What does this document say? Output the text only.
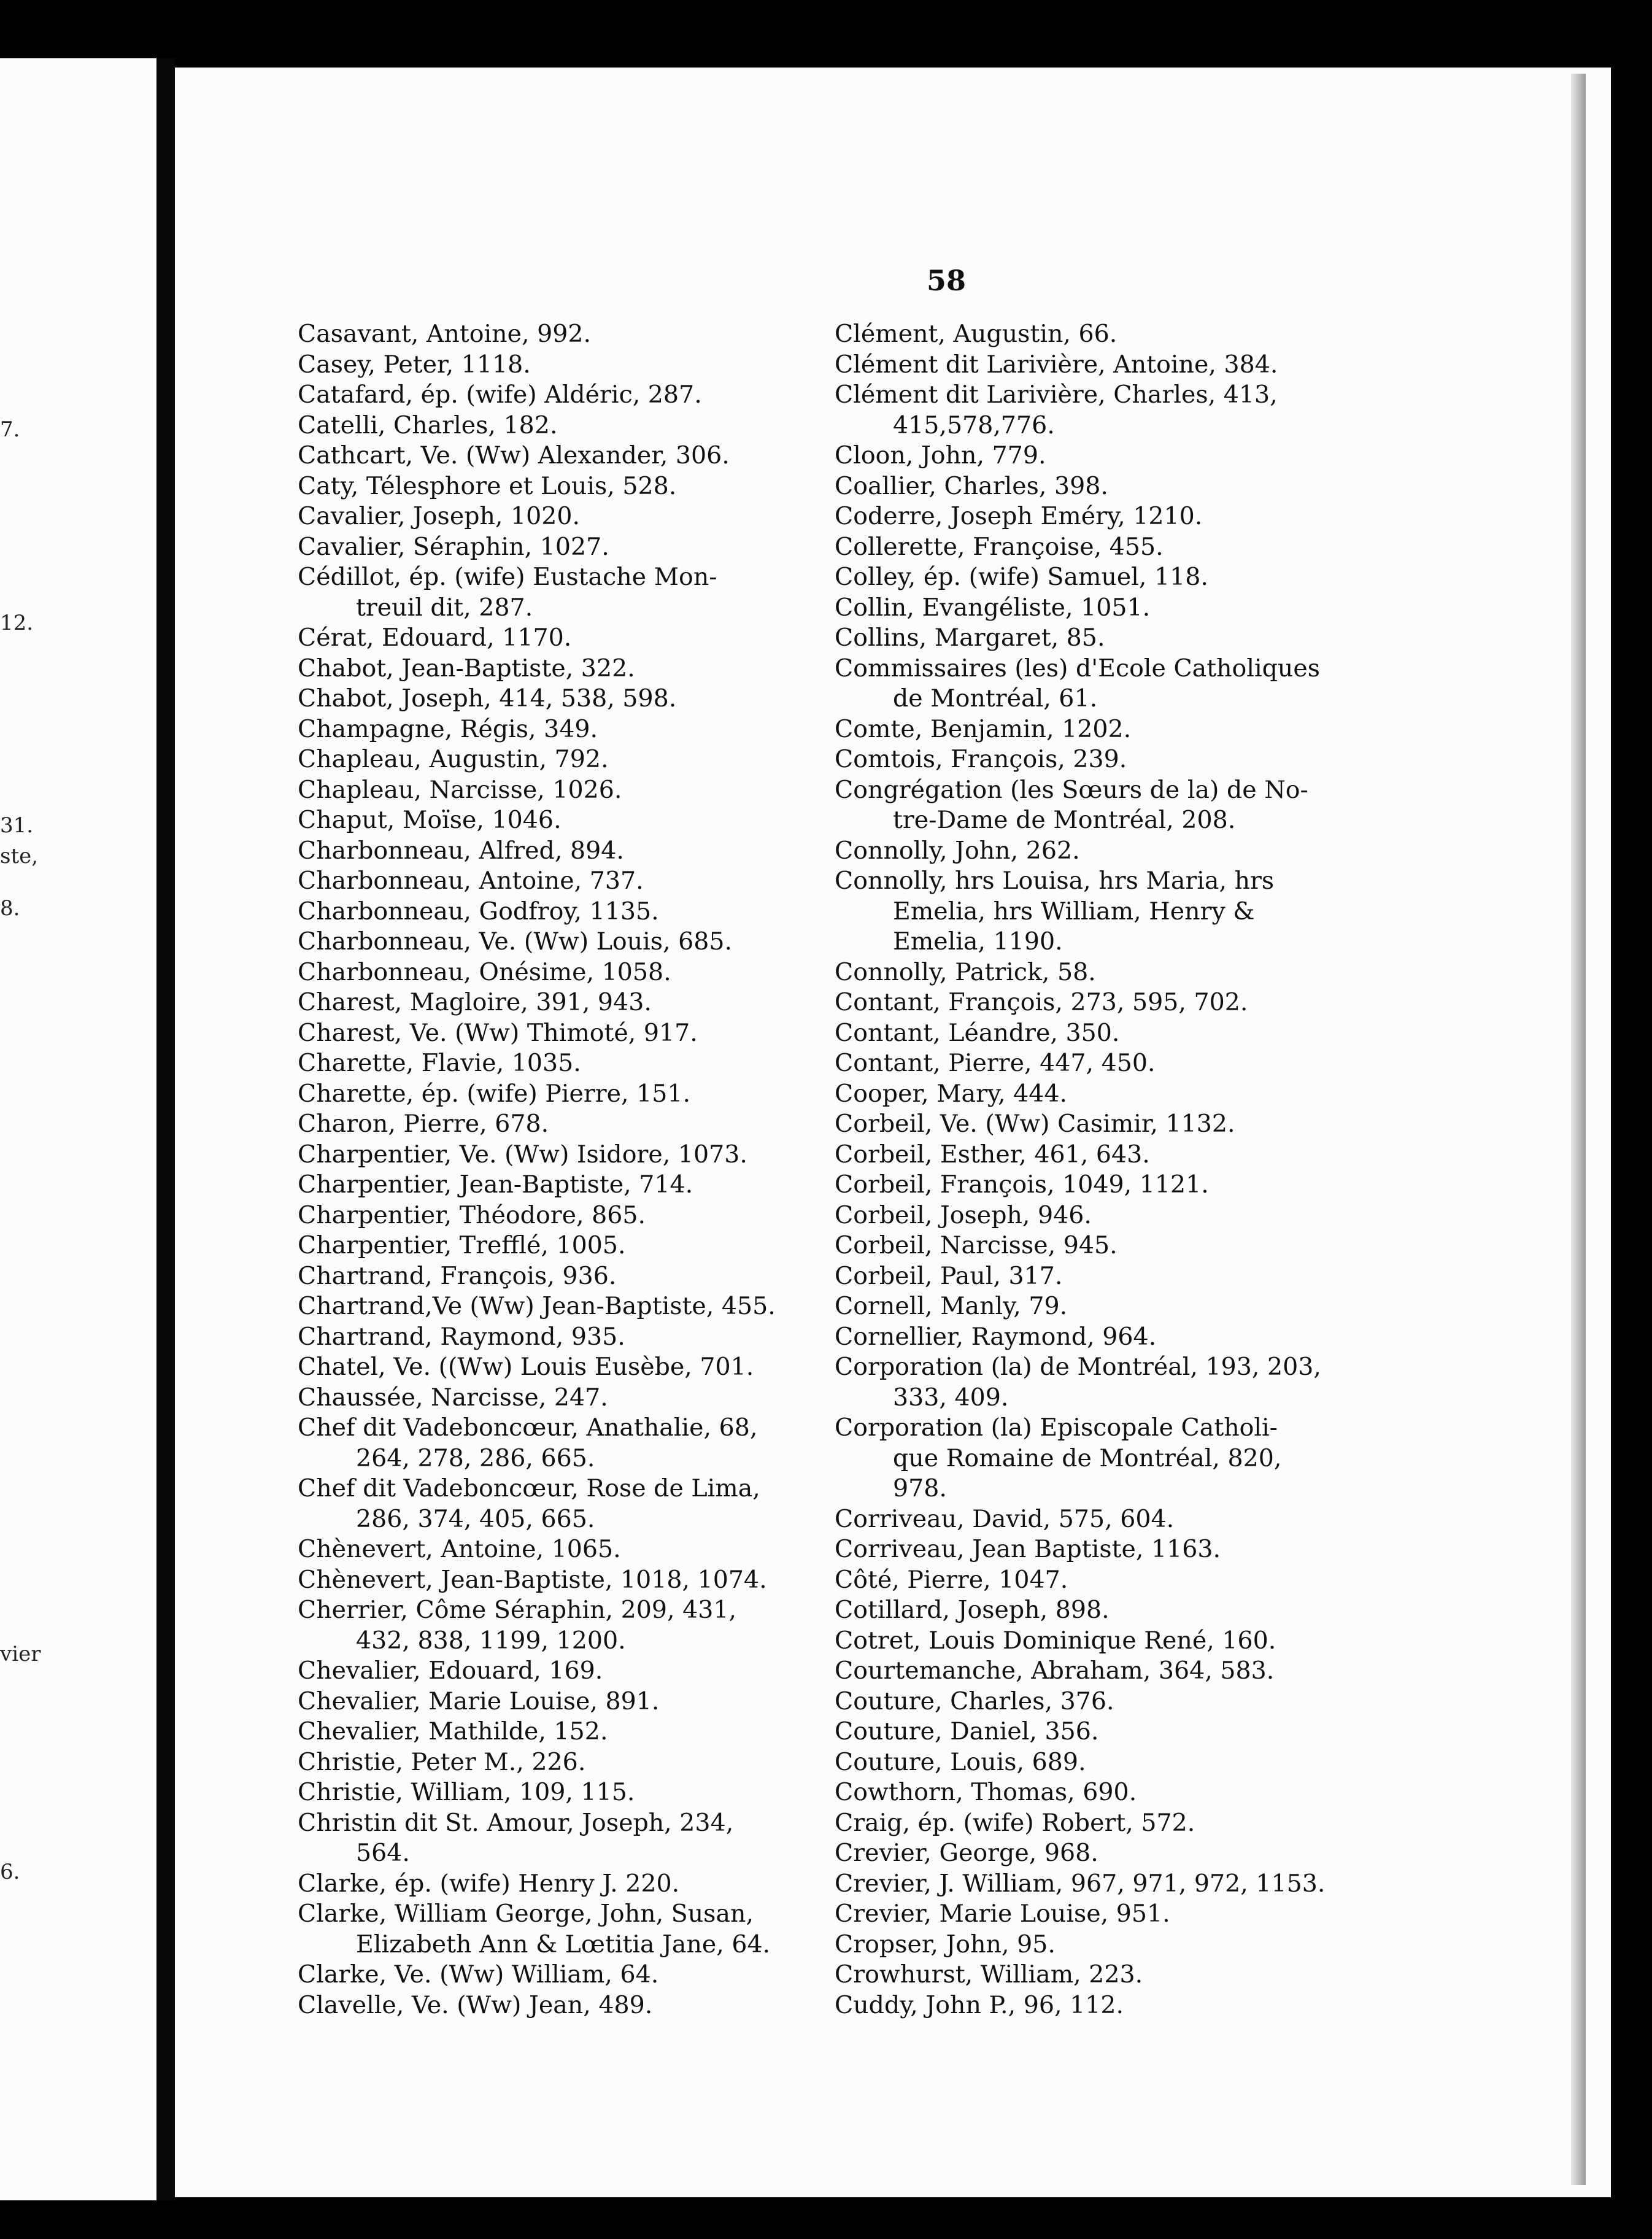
7.
12.
31.
ste,
8.
vier
6.
58
Casavant, Antoine, 992.
Casey, Peter, 1118.
Catafard, ép. (wife) Aldéric, 287.
Catelli, Charles, 182.
Cathcart, Ve. (Ww) Alexander, 306.
Caty, Télesphore et Louis, 528.
Cavalier, Joseph, 1020.
Cavalier, Séraphin, 1027.
Cédillot, ép. (wife) Eustache Mon-
treuil dit, 287.
Cérat, Edouard, 1170.
Chabot, Jean-Baptiste, 322.
Chabot, Joseph, 414, 538, 598.
Champagne, Régis, 349.
Chapleau, Augustin, 792.
Chapleau, Narcisse, 1026.
Chaput, Moïse, 1046.
Charbonneau, Alfred, 894.
Charbonneau, Antoine, 737.
Charbonneau, Godfroy, 1135.
Charbonneau, Ve. (Ww) Louis, 685.
Charbonneau, Onésime, 1058.
Charest, Magloire, 391, 943.
Charest, Ve. (Ww) Thimoté, 917.
Charette, Flavie, 1035.
Charette, ép. (wife) Pierre, 151.
Charon, Pierre, 678.
Charpentier, Ve. (Ww) Isidore, 1073.
Charpentier, Jean-Baptiste, 714.
Charpentier, Théodore, 865.
Charpentier, Trefflé, 1005.
Chartrand, François, 936.
Chartrand,Ve (Ww) Jean-Baptiste, 455.
Chartrand, Raymond, 935.
Chatel, Ve. ((Ww) Louis Eusèbe, 701.
Chaussée, Narcisse, 247.
Chef dit Vadeboncœur, Anathalie, 68,
264, 278, 286, 665.
Chef dit Vadeboncœur, Rose de Lima,
286, 374, 405, 665.
Chènevert, Antoine, 1065.
Chènevert, Jean-Baptiste, 1018, 1074.
Cherrier, Côme Séraphin, 209, 431,
432, 838, 1199, 1200.
Chevalier, Edouard, 169.
Chevalier, Marie Louise, 891.
Chevalier, Mathilde, 152.
Christie, Peter M., 226.
Christie, William, 109, 115.
Christin dit St. Amour, Joseph, 234,
564.
Clarke, ép. (wife) Henry J. 220.
Clarke, William George, John, Susan,
Elizabeth Ann & Lœtitia Jane, 64.
Clarke, Ve. (Ww) William, 64.
Clavelle, Ve. (Ww) Jean, 489.
Clément, Augustin, 66.
Clément dit Larivière, Antoine, 384.
Clément dit Larivière, Charles, 413,
415,578,776.
Cloon, John, 779.
Coallier, Charles, 398.
Coderre, Joseph Eméry, 1210.
Collerette, Françoise, 455.
Colley, ép. (wife) Samuel, 118.
Collin, Evangéliste, 1051.
Collins, Margaret, 85.
Commissaires (les) d'Ecole Catholiques
de Montréal, 61.
Comte, Benjamin, 1202.
Comtois, François, 239.
Congrégation (les Sœurs de la) de No-
tre-Dame de Montréal, 208.
Connolly, John, 262.
Connolly, hrs Louisa, hrs Maria, hrs
Emelia, hrs William, Henry &
Emelia, 1190.
Connolly, Patrick, 58.
Contant, François, 273, 595, 702.
Contant, Léandre, 350.
Contant, Pierre, 447, 450.
Cooper, Mary, 444.
Corbeil, Ve. (Ww) Casimir, 1132.
Corbeil, Esther, 461, 643.
Corbeil, François, 1049, 1121.
Corbeil, Joseph, 946.
Corbeil, Narcisse, 945.
Corbeil, Paul, 317.
Cornell, Manly, 79.
Cornellier, Raymond, 964.
Corporation (la) de Montréal, 193, 203,
333, 409.
Corporation (la) Episcopale Catholi-
que Romaine de Montréal, 820,
978.
Corriveau, David, 575, 604.
Corriveau, Jean Baptiste, 1163.
Côté, Pierre, 1047.
Cotillard, Joseph, 898.
Cotret, Louis Dominique René, 160.
Courtemanche, Abraham, 364, 583.
Couture, Charles, 376.
Couture, Daniel, 356.
Couture, Louis, 689.
Cowthorn, Thomas, 690.
Craig, ép. (wife) Robert, 572.
Crevier, George, 968.
Crevier, J. William, 967, 971, 972, 1153.
Crevier, Marie Louise, 951.
Cropser, John, 95.
Crowhurst, William, 223.
Cuddy, John P., 96, 112.
